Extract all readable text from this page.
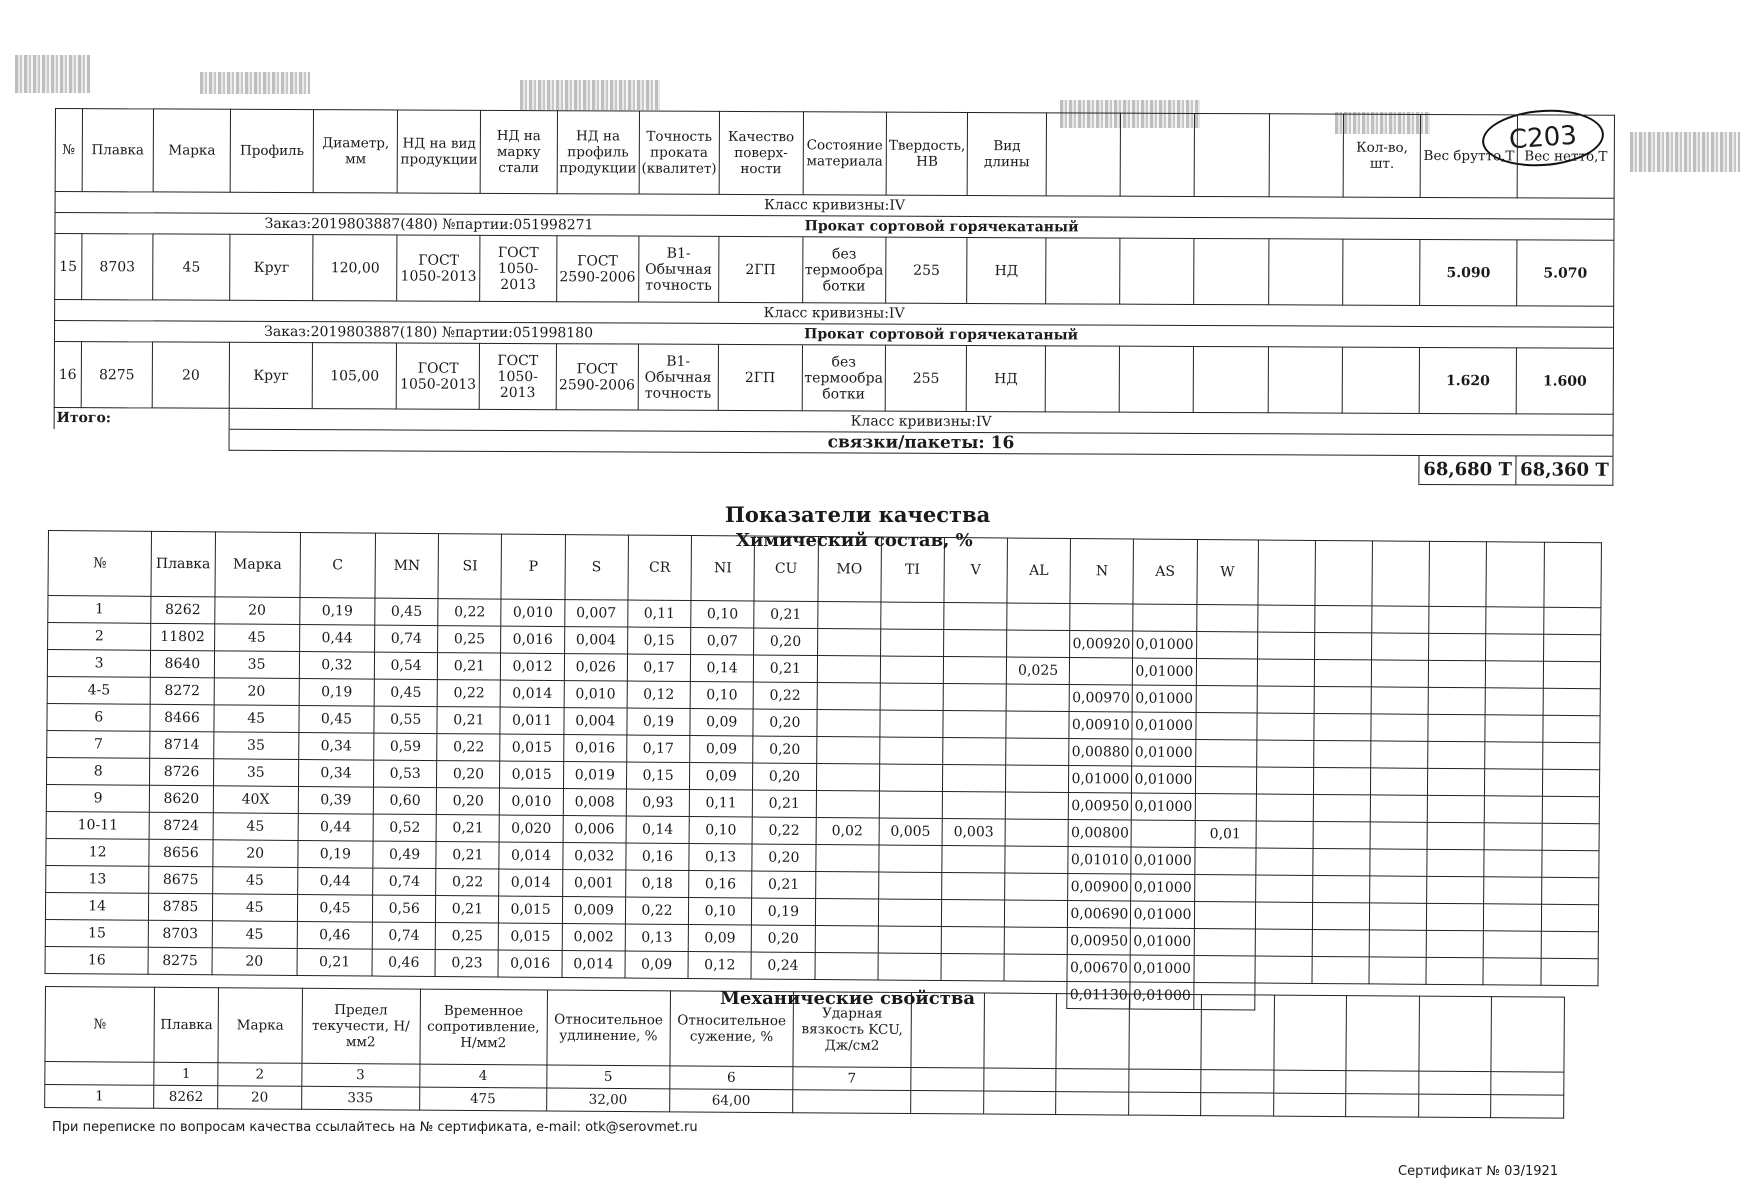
С203
№	Плавка	Марка	Профиль	Диаметр, мм	НД на вид продукции	НД на марку стали	НД на профиль продукции	Точность проката (квалитет)	Качество поверх-ности	Состояние материала	Твердость, НВ	Вид длины					Кол-во, шт.	Вес брутто,Т	Вес нетто,Т
Класс кривизны:IV																			
Заказ:2019803887(480) №партии:051998271										Прокат сортовой горячекатаный									
15	8703	45	Круг	120,00	ГОСТ 1050-2013	ГОСТ 1050-2013	ГОСТ 2590-2006	В1-Обычная точность	2ГП	без термообра ботки	255	НД						5.090	5.070
Класс кривизны:IV																			
Заказ:2019803887(180) №партии:051998180										Прокат сортовой горячекатаный									
16	8275	20	Круг	105,00	ГОСТ 1050-2013	ГОСТ 1050-2013	ГОСТ 2590-2006	В1-Обычная точность	2ГП	без термообра ботки	255	НД						1.620	1.600
Итого:			Класс кривизны:IV																
			связки/пакеты: 16																
																		68,680 Т	68,360 Т
Показатели качества
Химический состав, %
№	Плавка	Марка	C	MN	SI	P	S	CR	NI	CU	MO	TI	V	AL	N	AS	W						
1	8262	20	0,19	0,45	0,22	0,010	0,007	0,11	0,10	0,21													
2	11802	45	0,44	0,74	0,25	0,016	0,004	0,15	0,07	0,20					0,00920	0,01000							
3	8640	35	0,32	0,54	0,21	0,012	0,026	0,17	0,14	0,21				0,025		0,01000							
4-5	8272	20	0,19	0,45	0,22	0,014	0,010	0,12	0,10	0,22					0,00970	0,01000							
6	8466	45	0,45	0,55	0,21	0,011	0,004	0,19	0,09	0,20					0,00910	0,01000							
7	8714	35	0,34	0,59	0,22	0,015	0,016	0,17	0,09	0,20					0,00880	0,01000							
8	8726	35	0,34	0,53	0,20	0,015	0,019	0,15	0,09	0,20					0,01000	0,01000							
9	8620	40Х	0,39	0,60	0,20	0,010	0,008	0,93	0,11	0,21					0,00950	0,01000							
10-11	8724	45	0,44	0,52	0,21	0,020	0,006	0,14	0,10	0,22	0,02	0,005	0,003		0,00800		0,01						
12	8656	20	0,19	0,49	0,21	0,014	0,032	0,16	0,13	0,20					0,01010	0,01000							
13	8675	45	0,44	0,74	0,22	0,014	0,001	0,18	0,16	0,21					0,00900	0,01000							
14	8785	45	0,45	0,56	0,21	0,015	0,009	0,22	0,10	0,19					0,00690	0,01000							
15	8703	45	0,46	0,74	0,25	0,015	0,002	0,13	0,09	0,20					0,00950	0,01000							
16	8275	20	0,21	0,46	0,23	0,016	0,014	0,09	0,12	0,24					0,00670	0,01000							
															0,01130	0,01000							
Механические свойства
№	Плавка	Марка	Предел текучести, Н/мм2	Временное сопротивление, Н/мм2	Относительное удлинение, %	Относительное сужение, %	Ударная вязкость KCU, Дж/см2									
	1	2	3	4	5	6	7									
1	8262	20	335	475	32,00	64,00										
При переписке по вопросам качества ссылайтесь на № сертификата, e-mail: otk@serovmet.ru
Сертификат № 03/1921
